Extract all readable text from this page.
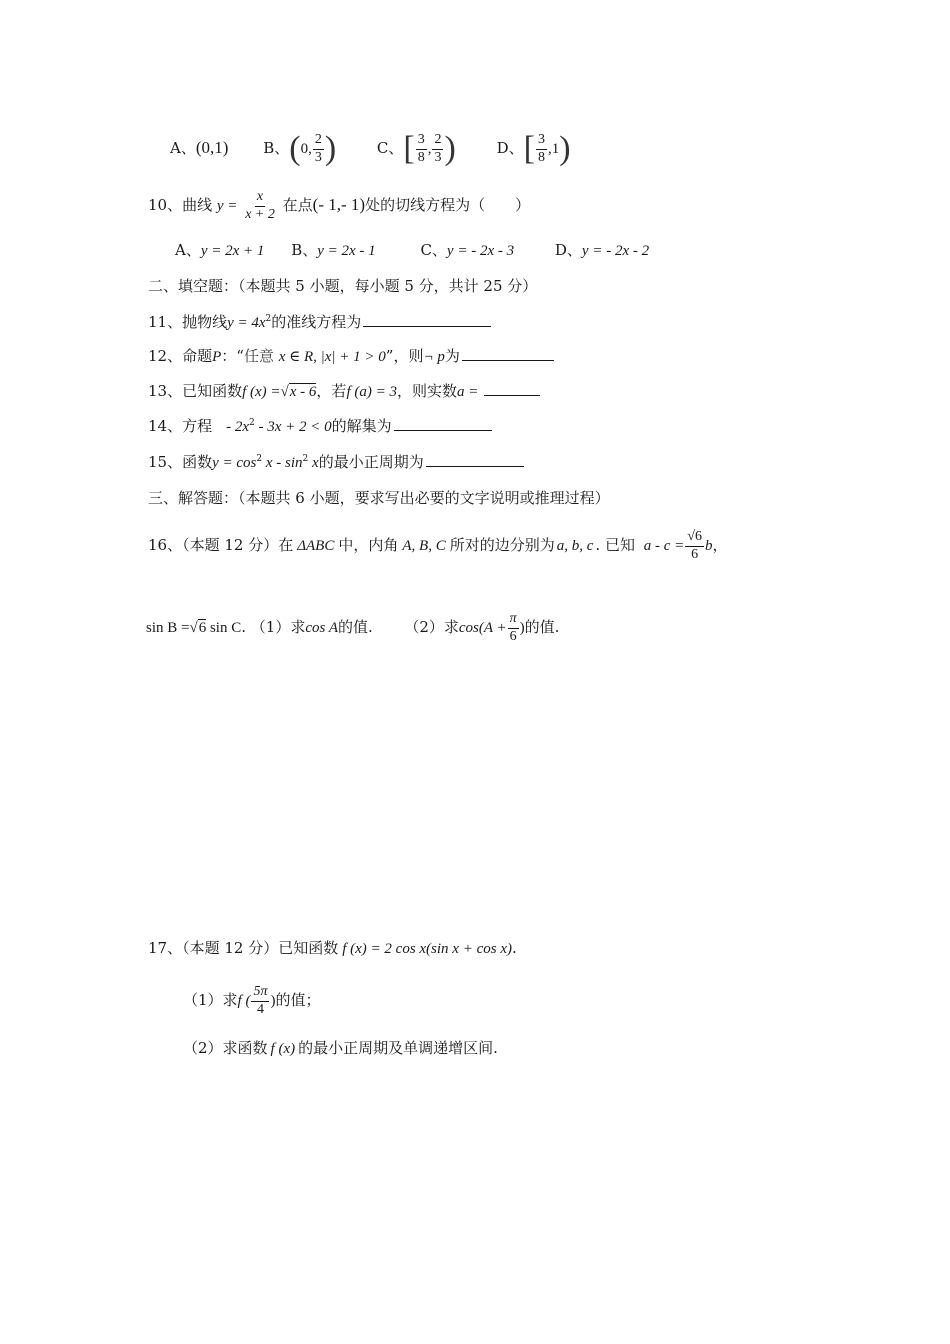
A、(0,1) B、(0, $\frac{2}{3}$ )	C、[ $\frac{3}{8}$ , $\frac{2}{3}$ )	D、[ $\frac{3}{8} ,1$)
10、曲线 $y = \frac{x}{x + 2}$ 在点(- 1,- 1)处的切线方程为（　　）
A、y = 2x + 1 B、y = 2x - 1	C、y = - 2x - 3	D、y = - 2x - 2
二、填空题：（本题共 5 小题，每小题 5 分，共计 25 分）
11、抛物线$y = 4x^2$的准线方程为
12、命题P：“任意 x ∈ R, |x| + 1 > 0”，则¬ p为
13、已知函数f (x) =√x - 6，若f (a) = 3，则实数a =
14、方程 - $2x^2 - 3x + 2 < 0$的解集为
15、函数$y = \cos^2 x - \sin^2 x$的最小正周期为
三、解答题：（本题共 6 小题，要求写出必要的文字说明或推理过程）
16、（本题 12 分）在 ΔABC 中，内角 A, B, C 所对的边分别为 a, b, c . 已知 $a - c = \frac{√6}{6}$ b，
sin B =√6 sin C. （1）求cos A的值. （2）求$\cos(A + \frac{\pi}{6}$ )的值.
17、（本题 12 分）已知函数 f (x) = 2 cos x(sin x + cos x).
（1）求f ( $\frac{5\pi}{4}$ )的值；
（2）求函数 f (x) 的最小正周期及单调递增区间.
